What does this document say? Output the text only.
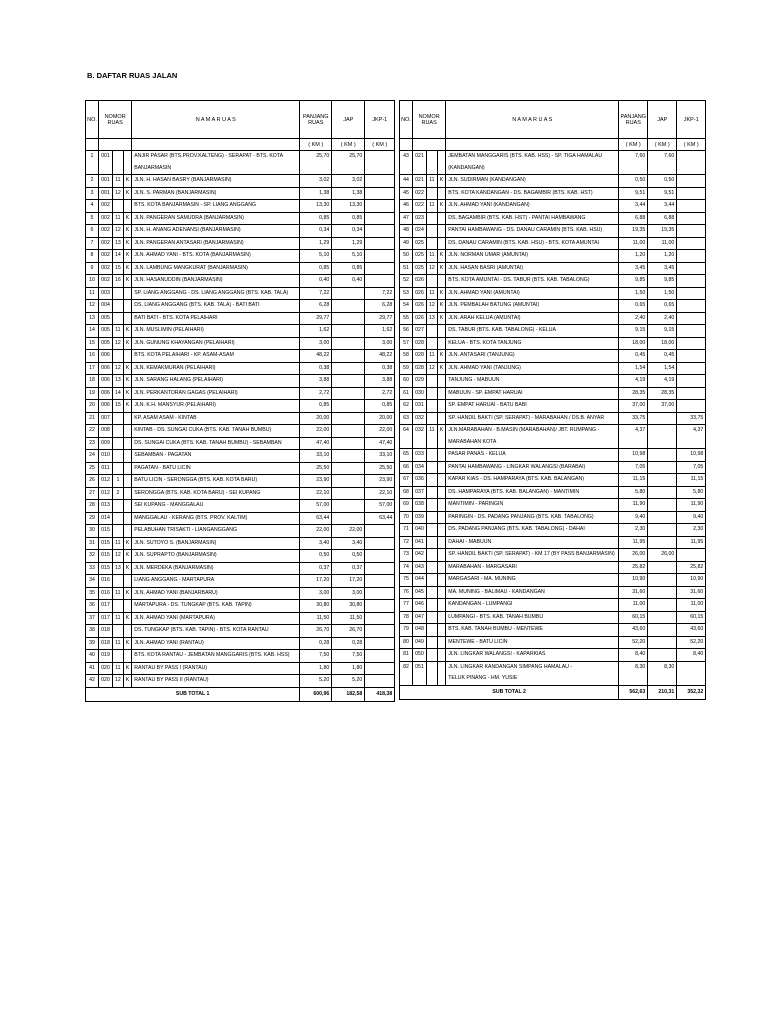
B. DAFTAR RUAS JALAN
NO.	NOMOR RUAS			N A M A R U A S	PANJANG RUAS	JAP	JKP-1
					( KM )	( KM )	( KM )
1	001			ANJIR PASAR (BTS.PROV.KALTENG) - SERAPAT - BTS. KOTA	25,70	25,70	
				BANJARMASIN			
2	001	11	K	JLN. H. HASAN BASRY (BANJARMASIN)	3,02	3,02	
3	001	12	K	JLN. S. PARMAN (BANJARMASIN)	1,38	1,38	
4	002			BTS. KOTA BANJARMASIN - SP. LIANG ANGGANG	13,30	13,30	
5	002	11	K	JLN. PANGERAN SAMUDRA (BANJARMASIN)	0,85	0,85	
6	002	12	K	JLN. H. ANANG ADENANSI (BANJARMASIN)	0,34	0,34	
7	002	13	K	JLN. PANGERAN ANTASARI (BANJARMASIN)	1,29	1,29	
8	002	14	K	JLN. AHMAD YANI - BTS. KOTA (BANJARMASIN)	5,10	5,10	
9	002	15	K	JLN. LAMBUNG MANGKURAT (BANJARMASIN)	0,85	0,85	
10	002	16	K	JLN. HASANUDDIN (BANJARMASIN)	0,40	0,40	
11	003			SP. LIANG ANGGANG - DS. LIANG ANGGANG (BTS. KAB. TALA)	7,22		7,22
12	004			DS. LIANG ANGGANG (BTS. KAB. TALA) - BATI BATI	6,28		6,28
13	005			BATI BATI - BTS. KOTA PELAIHARI	29,77		29,77
14	005	11	K	JLN. MUSLIMIN (PELAIHARI)	1,62		1,62
15	005	12	K	JLN. GUNUNG KHAYANGAN (PELAIHARI)	3,00		3,00
16	006			BTS. KOTA PELAIHARI - KP. ASAM-ASAM	48,22		48,22
17	006	12	K	JLN. KEMAKMURAN (PELAIHARI)	0,38		0,38
18	006	13	K	JLN. SARANG HALANG (PELAIHARI)	3,88		3,88
19	006	14	K	JLN. PERKANTORAN GAGAS (PELAIHARI)	2,72		2,72
20	006	15	K	JLN. K.H. MANSYUR (PELAIHARI)	0,85		0,85
21	007			KP. ASAM ASAM - KINTAB	20,00		20,00
22	008			KINTAB - DS. SUNGAI CUKA (BTS. KAB. TANAH BUMBU)	22,00		22,00
23	009			DS. SUNGAI CUKA (BTS. KAB. TANAH BUMBU) - SEBAMBAN	47,40		47,40
24	010			SEBAMBAN - PAGATAN	33,10		33,10
25	011			PAGATAN - BATU LICIN	25,50		25,50
26	012	1		BATU LICIN - SERONGGA (BTS. KAB. KOTA BARU)	23,90		23,90
27	012	2		SERONGGA (BTS. KAB. KOTA BARU) - SEI KUPANG	22,10		22,10
28	013			SEI KUPANG - MANGGALAU	57,00		57,00
29	014			MANGGALAU - KERANG (BTS. PROV. KALTIM)	63,44		63,44
30	015			PELABUHAN TRISAKTI - LIANGANGGANG	22,00	22,00	
31	015	11	K	JLN. SUTOYO S. (BANJARMASIN)	3,40	3,40	
32	015	12	K	JLN. SUPRAPTO (BANJARMASIN)	0,50	0,50	
33	015	13	K	JLN. MERDEKA (BANJARMASIN)	0,37	0,37	
34	016			LIANG ANGGANG - MARTAPURA	17,20	17,20	
35	016	11	K	JLN. AHMAD YANI (BANJARBARU)	3,00	3,00	
36	017			MARTAPURA - DS. TUNGKAP (BTS. KAB. TAPIN)	30,80	30,80	
37	017	11	K	JLN. AHMAD YANI (MARTAPURA)	11,50	11,50	
38	018			DS. TUNGKAP (BTS. KAB. TAPIN) - BTS. KOTA RANTAU	26,70	26,70	
39	018	11	K	JLN. AHMAD YANI (RANTAU)	0,28	0,28	
40	019			BTS. KOTA RANTAU - JEMBATAN MANGGARIS (BTS. KAB. HSS)	7,50	7,50	
41	020	11	K	RANTAU BY PASS I (RANTAU)	1,80	1,80	
42	020	12	K	RANTAU BY PASS II (RANTAU)	5,20	5,20	
SUB TOTAL 1					600,96	182,58	418,38
NO.	NOMOR RUAS			N A M A R U A S	PANJANG RUAS	JAP	JKP-1
					( KM )	( KM )	( KM )
43	021			JEMBATAN MANGGARIS (BTS. KAB. HSS) - SP. TIGA HAMALAU	7,60	7,60	
				(KANDANGAN)			
44	021	11	K	JLN. SUDIRMAN (KANDANGAN)	0,50	0,50	
45	022			BTS. KOTA KANDANGAN - DS. BAGAMBIR (BTS. KAB. HST)	9,51	9,51	
46	022	11	K	JLN. AHMAD YANI (KANDANGAN)	3,44	3,44	
47	023			DS. BAGAMBIR (BTS. KAB. HST) - PANTAI HAMBAWANG	6,88	6,88	
48	024			PANTAI HAMBAWANG - DS. DANAU CARAMIN (BTS. KAB. HSU)	19,35	19,35	
49	025			DS. DANAU CARAMIN (BTS. KAB. HSU) - BTS. KOTA AMUNTAI	11,00	11,00	
50	025	11	K	JLN. NORMAN UMAR (AMUNTAI)	1,20	1,20	
51	025	12	K	JLN. HASAN BASRI (AMUNTAI)	3,45	3,45	
52	026			BTS. KOTA AMUNTAI - DS. TABUR (BTS. KAB. TABALONG)	9,85	9,85	
53	026	11	K	JLN. AHMAD YANI (AMUNTAI)	1,50	1,50	
54	026	12	K	JLN. PEMBALAH BATUNG (AMUNTAI)	0,65	0,65	
55	026	13	K	JLN. ARAH KELUA (AMUNTAI)	2,40	2,40	
56	027			DS. TABUR (BTS. KAB. TABALONG) - KELUA	9,15	9,15	
57	028			KELUA - BTS. KOTA TANJUNG	18,00	18,00	
58	028	11	K	JLN. ANTASARI (TANJUNG)	0,45	0,45	
59	028	12	K	JLN. AHMAD YANI (TANJUNG)	1,54	1,54	
60	029			TANJUNG - MABUUN	4,19	4,19	
61	030			MABUUN - SP. EMPAT HARUAI	28,35	28,35	
62	031			SP. EMPAT HARUAI - BATU BABI	37,00	37,00	
63	032			SP. HANDIL BAKTI (SP. SERAPAT) - MARABAHAN / DS.B. ANYAR	33,75		33,75
64	032	11	K	JLN.MARABAHAN - B.MASIN (MARABAHAN)/ JBT. RUMPANG -	4,37		4,37
				MARABAHAN KOTA			
65	033			PASAR PANAS - KELUA	10,98		10,98
66	034			PANTAI HAMBAWANG - LINGKAR WALANGSI (BARABAI)	7,05		7,05
67	036			KAPAR KIAS - DS. HAMPARAYA (BTS. KAB. BALANGAN)	11,15		11,15
68	037			DS. HAMPARAYA (BTS. KAB. BALANGAN) - MANTIMIN	5,80		5,80
69	038			MANTIMIN - PARINGIN	11,90		11,90
70	039			PARINGIN - DS. PADANG PANJANG (BTS. KAB. TABALONG)	9,40		9,40
71	040			DS. PADANG PANJANG (BTS. KAB. TABALONG) - DAHAI	2,30		2,30
72	041			DAHAI - MABUUN	11,95		11,95
73	042			SP. HANDIL BAKTI (SP. SERAPAT) - KM 17 (BY PASS BANJARMASIN)	26,00	26,00	
74	043			MARABAHAN - MARGASARI	25,82		25,82
75	044			MARGASARI - MA. MUNING	10,90		10,90
76	045			MA. MUNING - BALIMAU - KANDANGAN	31,60		31,60
77	046			KANDANGAN - LUMPANGI	11,00		11,00
78	047			LUMPANGI - BTS. KAB. TANAH BUMBU	60,15		60,15
79	048			BTS. KAB. TANAH BUMBU - MENTEWE	43,60		43,60
80	049			MENTEWE - BATU LICIN	52,20		52,20
81	050			JLN. LINGKAR WALANGSI - KAPARKIAS	8,40		8,40
82	051			JLN. LINGKAR KANDANGAN SIMPANG HAMALAU -	8,30	8,30	
				TELUK PINANG - HM. YUSIE			
SUB TOTAL 2					562,63	210,31	352,32
